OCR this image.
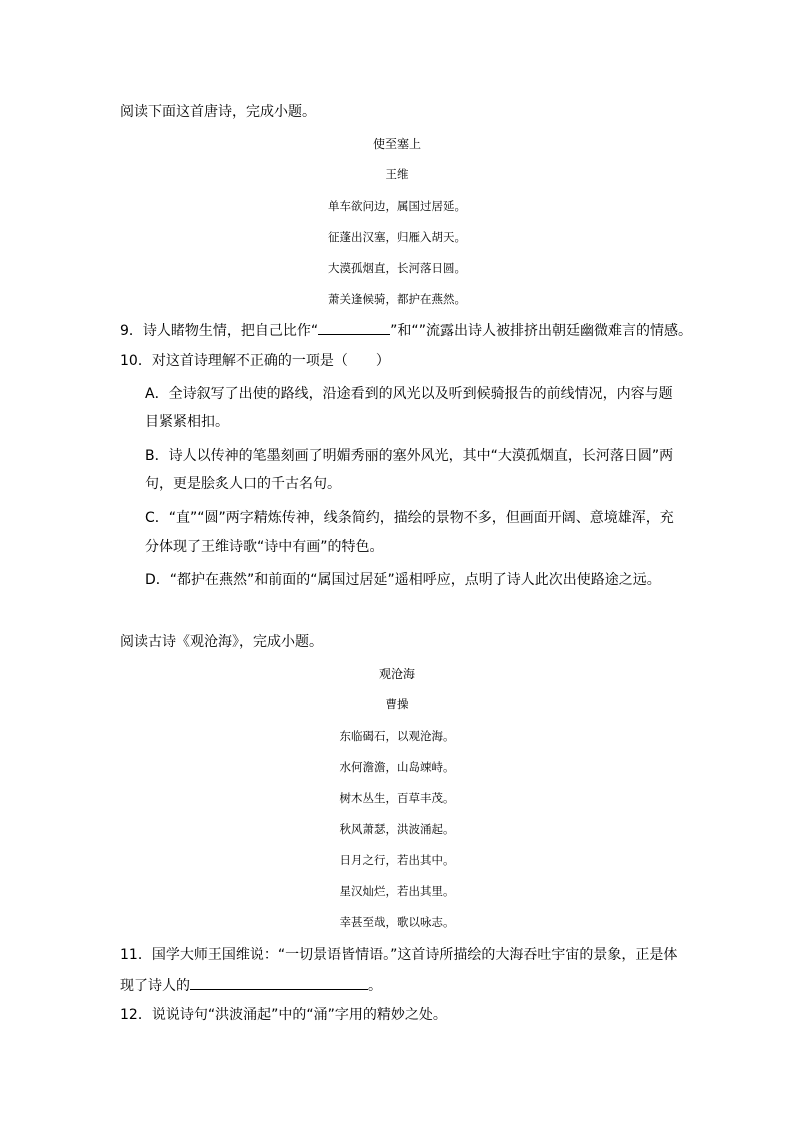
阅读下面这首唐诗，完成小题。
使至塞上
王维
单车欲问边，属国过居延。
征蓬出汉塞，归雁入胡天。
大漠孤烟直，长河落日圆。
萧关逢候骑，都护在燕然。
9．诗人睹物生情，把自己比作“	”和“”流露出诗人被排挤出朝廷幽微难言的情感。
10．对这首诗理解不正确的一项是（　　）
A．全诗叙写了出使的路线，沿途看到的风光以及听到候骑报告的前线情况，内容与题
目紧紧相扣。
B．诗人以传神的笔墨刻画了明媚秀丽的塞外风光，其中“大漠孤烟直，长河落日圆”两
句，更是脍炙人口的千古名句。
C．“直”“圆”两字精炼传神，线条简约，描绘的景物不多，但画面开阔、意境雄浑，充
分体现了王维诗歌“诗中有画”的特色。
D．“都护在燕然”和前面的“属国过居延”遥相呼应，点明了诗人此次出使路途之远。
阅读古诗《观沧海》，完成小题。
观沧海
曹操
东临碣石，以观沧海。
水何澹澹，山岛竦峙。
树木丛生，百草丰茂。
秋风萧瑟，洪波涌起。
日月之行，若出其中。
星汉灿烂，若出其里。
幸甚至哉，歌以咏志。
11．国学大师王国维说：“一切景语皆情语。”这首诗所描绘的大海吞吐宇宙的景象，正是体
现了诗人的	。
12．说说诗句“洪波涌起”中的“涌”字用的精妙之处。
